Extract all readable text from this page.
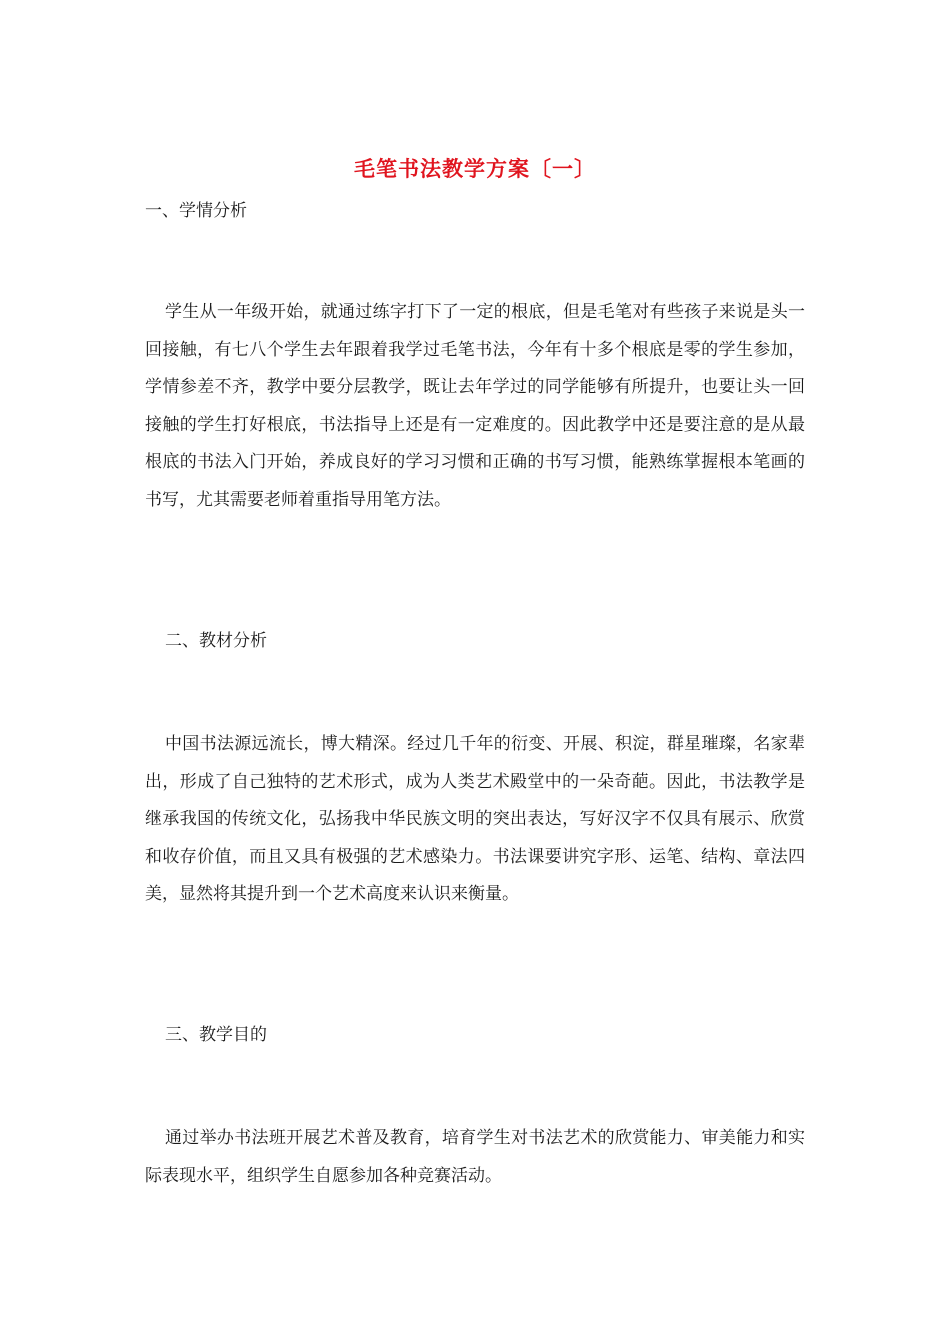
毛笔书法教学方案〔一〕
一、学情分析
学生从一年级开始，就通过练字打下了一定的根底，但是毛笔对有些孩子来说是头一回接触，有七八个学生去年跟着我学过毛笔书法，今年有十多个根底是零的学生参加，学情参差不齐，教学中要分层教学，既让去年学过的同学能够有所提升，也要让头一回接触的学生打好根底，书法指导上还是有一定难度的。因此教学中还是要注意的是从最根底的书法入门开始，养成良好的学习习惯和正确的书写习惯，能熟练掌握根本笔画的书写，尤其需要老师着重指导用笔方法。
二、教材分析
中国书法源远流长，博大精深。经过几千年的衍变、开展、积淀，群星璀璨，名家辈出，形成了自己独特的艺术形式，成为人类艺术殿堂中的一朵奇葩。因此，书法教学是继承我国的传统文化，弘扬我中华民族文明的突出表达，写好汉字不仅具有展示、欣赏和收存价值，而且又具有极强的艺术感染力。书法课要讲究字形、运笔、结构、章法四美，显然将其提升到一个艺术高度来认识来衡量。
三、教学目的
通过举办书法班开展艺术普及教育，培育学生对书法艺术的欣赏能力、审美能力和实际表现水平，组织学生自愿参加各种竞赛活动。
